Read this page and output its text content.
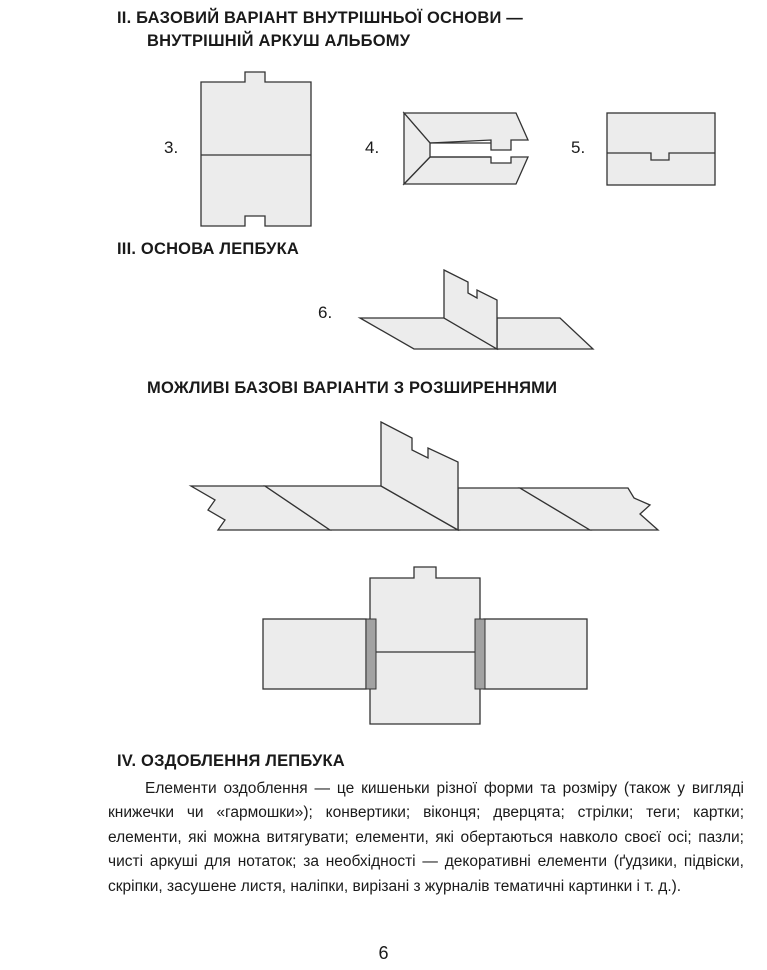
II. БАЗОВИЙ ВАРІАНТ ВНУТРІШНЬОЇ ОСНОВИ —

ВНУТРІШНІЙ АРКУШ АЛЬБОМУ

3.	4.	5.
6.

III. ОСНОВА ЛЕПБУКА

МОЖЛИВІ БАЗОВІ ВАРІАНТИ З РОЗШИРЕННЯМИ

IV. ОЗДОБЛЕННЯ ЛЕПБУКА

Елементи оздоблення — це кишеньки різної форми та розміру (також у вигляді книжечки чи «гармошки»); конвертики; віконця; дверцята; стрілки; теги; картки; елементи, які можна витягувати; елементи, які обертаються навколо своєї осі; пазли; чисті аркуші для нотаток; за необхідності — декоративні елементи (ґудзики, підвіски, скріпки, засушене листя, наліпки, вирізані з журналів тематичні картинки і т. д.).

6
